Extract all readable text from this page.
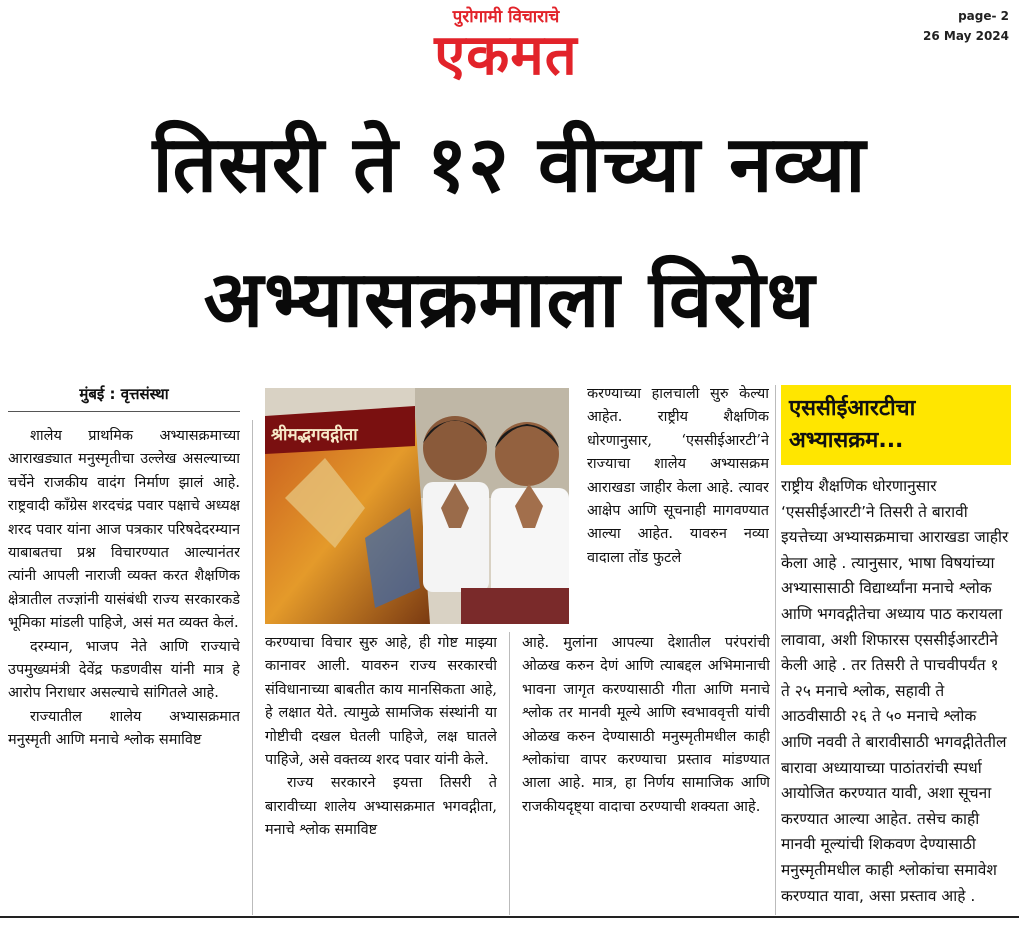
पुरोगामी विचाराचे
एकमत
page- 2
26 May 2024
तिसरी ते १२ वीच्या नव्या
अभ्यासक्रमाला विरोध
मुंबई : वृत्तसंस्था

शालेय प्राथमिक अभ्यासक्रमाच्या आराखड्यात मनुस्मृतीचा उल्लेख असल्याच्या चर्चेने राजकीय वादंग निर्माण झालं आहे. राष्ट्रवादी काँग्रेस शरदचंद्र पवार पक्षाचे अध्यक्ष शरद पवार यांना आज पत्रकार परिषदेदरम्यान याबाबतचा प्रश्न विचारण्यात आल्यानंतर त्यांनी आपली नाराजी व्यक्त करत शैक्षणिक क्षेत्रातील तज्ज्ञांनी यासंबंधी राज्य सरकारकडे भूमिका मांडली पाहिजे, असं मत व्यक्त केलं.

दरम्यान, भाजप नेते आणि राज्याचे उपमुख्यमंत्री देवेंद्र फडणवीस यांनी मात्र हे आरोप निराधार असल्याचे सांगितले आहे.

राज्यातील शालेय अभ्यासक्रमात मनुस्मृती आणि मनाचे श्लोक समाविष्ट

श्रीमद्भगवद्गीता

करण्याचा विचार सुरु आहे, ही गोष्ट माझ्या कानावर आली. यावरुन राज्य सरकारची संविधानाच्या बाबतीत काय मानसिकता आहे, हे लक्षात येते. त्यामुळे सामजिक संस्थांनी या गोष्टीची दखल घेतली पाहिजे, लक्ष घातले पाहिजे, असे वक्तव्य शरद पवार यांनी केले.

राज्य सरकारने इयत्ता तिसरी ते बारावीच्या शालेय अभ्यासक्रमात भगवद्गीता, मनाचे श्लोक समाविष्ट

करण्याच्या हालचाली सुरु केल्या आहेत. राष्ट्रीय शैक्षणिक धोरणानुसार, ‘एससीईआरटी’ने राज्याचा शालेय अभ्यासक्रम आराखडा जाहीर केला आहे. त्यावर आक्षेप आणि सूचनाही मागवण्यात आल्या आहेत. यावरुन नव्या वादाला तोंड फुटले

आहे. मुलांना आपल्या देशातील परंपरांची ओळख करुन देणं आणि त्याबद्दल अभिमानाची भावना जागृत करण्यासाठी गीता आणि मनाचे श्लोक तर मानवी मूल्ये आणि स्वभाववृत्ती यांची ओळख करुन देण्यासाठी मनुस्मृतीमधील काही श्लोकांचा वापर करण्याचा प्रस्ताव मांडण्यात आला आहे. मात्र, हा निर्णय सामाजिक आणि राजकीयदृष्ट्या वादाचा ठरण्याची शक्यता आहे.

एससीईआरटीचा अभ्यासक्रम...
राष्ट्रीय शैक्षणिक धोरणानुसार ‘एससीईआरटी’ने तिसरी ते बारावी इयत्तेच्या अभ्यासक्रमाचा आराखडा जाहीर केला आहे . त्यानुसार, भाषा विषयांच्या अभ्यासासाठी विद्यार्थ्यांना मनाचे श्लोक आणि भगवद्गीतेचा अध्याय पाठ करायला लावावा, अशी शिफारस एससीईआरटीने केली आहे . तर तिसरी ते पाचवीपर्यंत १ ते २५ मनाचे श्लोक, सहावी ते आठवीसाठी २६ ते ५० मनाचे श्लोक आणि नववी ते बारावीसाठी भगवद्गीतेतील बारावा अध्यायाच्या पाठांतरांची स्पर्धा आयोजित करण्यात यावी, अशा सूचना करण्यात आल्या आहेत. तसेच काही मानवी मूल्यांची शिकवण देण्यासाठी मनुस्मृतीमधील काही श्लोकांचा समावेश करण्यात यावा, असा प्रस्ताव आहे .
